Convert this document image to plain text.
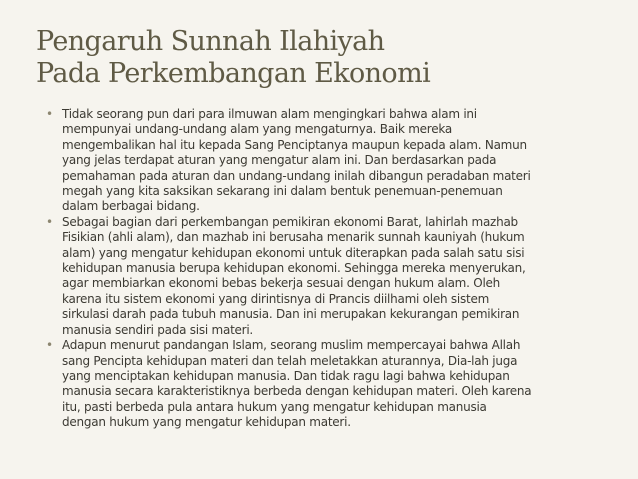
Pengaruh Sunnah Ilahiyah
Pada Perkembangan Ekonomi
• Tidak seorang pun dari para ilmuwan alam mengingkari bahwa alam ini
mempunyai undang-undang alam yang mengaturnya. Baik mereka
mengembalikan hal itu kepada Sang Penciptanya maupun kepada alam. Namun
yang jelas terdapat aturan yang mengatur alam ini. Dan berdasarkan pada
pemahaman pada aturan dan undang-undang inilah dibangun peradaban materi
megah yang kita saksikan sekarang ini dalam bentuk penemuan-penemuan
dalam berbagai bidang.
• Sebagai bagian dari perkembangan pemikiran ekonomi Barat, lahirlah mazhab
Fisikian (ahli alam), dan mazhab ini berusaha menarik sunnah kauniyah (hukum
alam) yang mengatur kehidupan ekonomi untuk diterapkan pada salah satu sisi
kehidupan manusia berupa kehidupan ekonomi. Sehingga mereka menyerukan,
agar membiarkan ekonomi bebas bekerja sesuai dengan hukum alam. Oleh
karena itu sistem ekonomi yang dirintisnya di Prancis diilhami oleh sistem
sirkulasi darah pada tubuh manusia. Dan ini merupakan kekurangan pemikiran
manusia sendiri pada sisi materi.
• Adapun menurut pandangan Islam, seorang muslim mempercayai bahwa Allah
sang Pencipta kehidupan materi dan telah meletakkan aturannya, Dia-lah juga
yang menciptakan kehidupan manusia. Dan tidak ragu lagi bahwa kehidupan
manusia secara karakteristiknya berbeda dengan kehidupan materi. Oleh karena
itu, pasti berbeda pula antara hukum yang mengatur kehidupan manusia
dengan hukum yang mengatur kehidupan materi.
